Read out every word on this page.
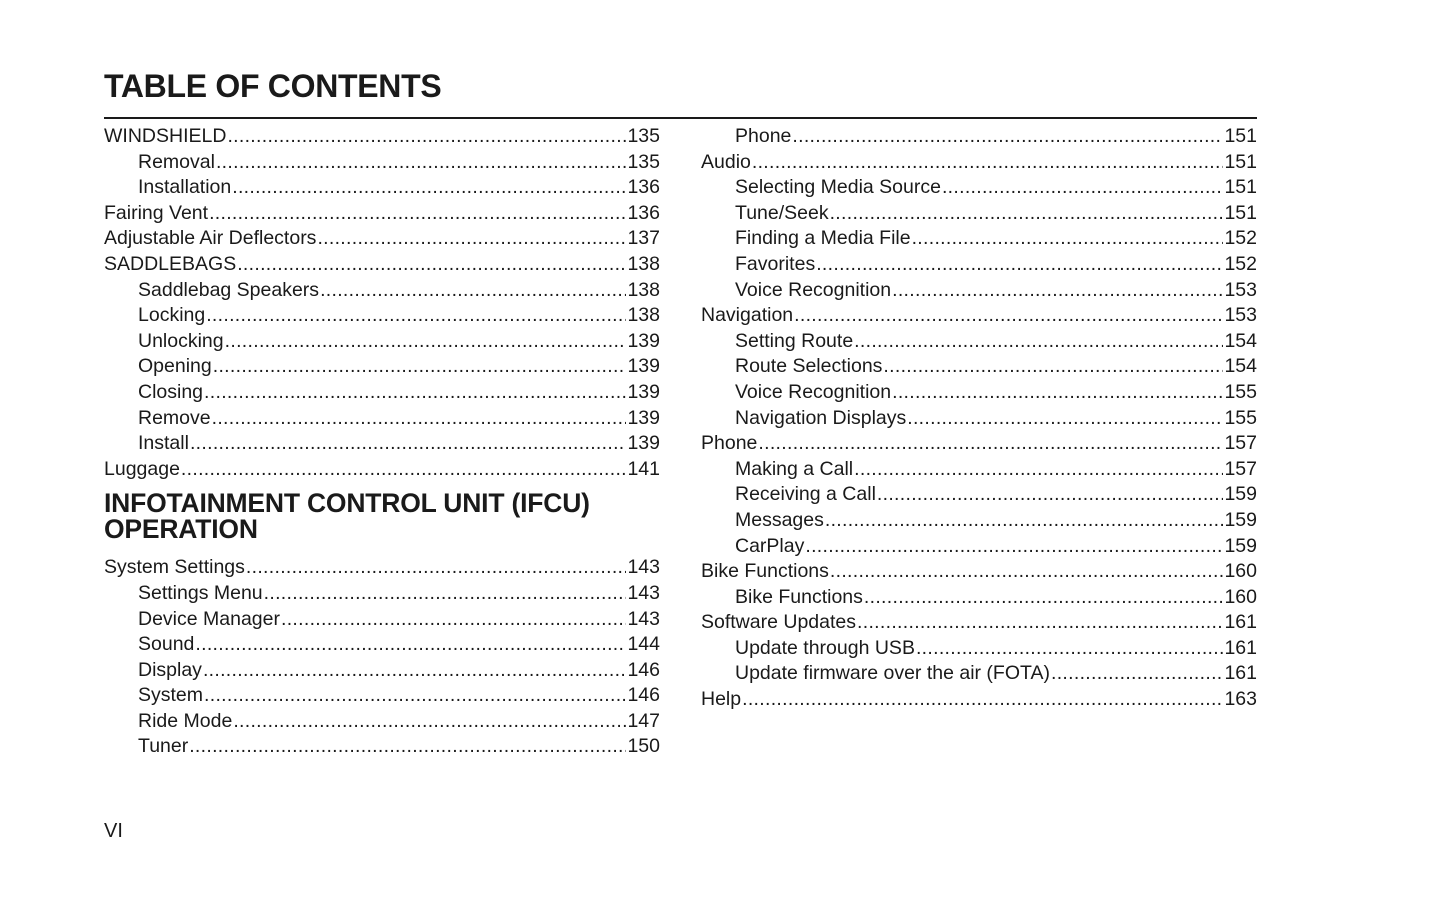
TABLE OF CONTENTS
WINDSHIELD .....	135
Removal .....	135
Installation .....	136
Fairing Vent .....	136
Adjustable Air Deflectors .....	137
SADDLEBAGS .....	138
Saddlebag Speakers .....	138
Locking .....	138
Unlocking .....	139
Opening .....	139
Closing .....	139
Remove .....	139
Install .....	139
Luggage .....	141
INFOTAINMENT CONTROL UNIT (IFCU)
OPERATION
System Settings .....	143
Settings Menu .....	143
Device Manager .....	143
Sound .....	144
Display .....	146
System .....	146
Ride Mode .....	147
Tuner .....	150
Phone .....	151
Audio .....	151
Selecting Media Source .....	151
Tune/Seek .....	151
Finding a Media File .....	152
Favorites .....	152
Voice Recognition .....	153
Navigation .....	153
Setting Route .....	154
Route Selections .....	154
Voice Recognition .....	155
Navigation Displays .....	155
Phone .....	157
Making a Call .....	157
Receiving a Call .....	159
Messages .....	159
CarPlay .....	159
Bike Functions .....	160
Bike Functions .....	160
Software Updates .....	161
Update through USB .....	161
Update firmware over the air (FOTA) .....	161
Help .....	163
VI
